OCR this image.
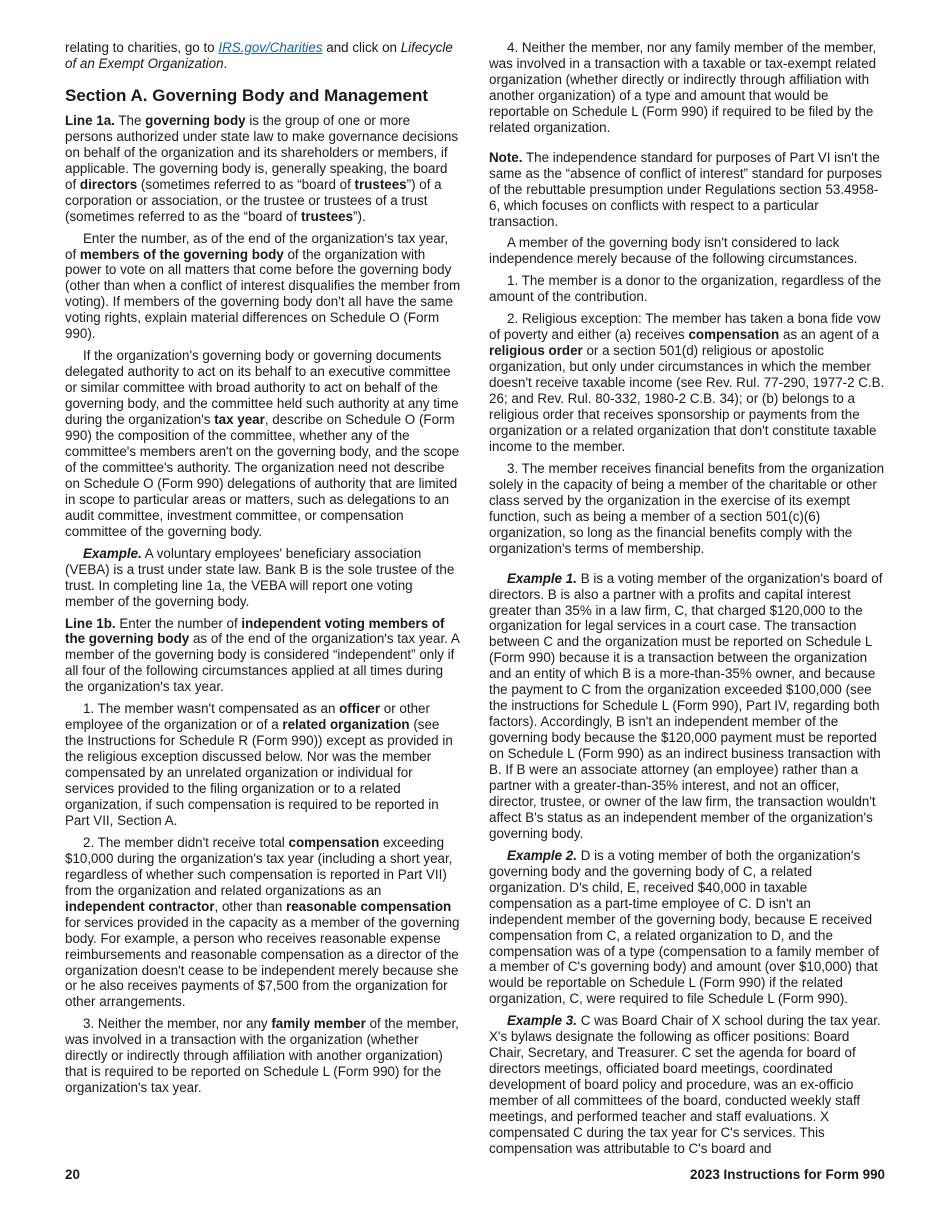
relating to charities, go to IRS.gov/Charities and click on Lifecycle of an Exempt Organization.

Section A. Governing Body and Management

Line 1a. The governing body is the group of one or more persons authorized under state law to make governance decisions on behalf of the organization and its shareholders or members, if applicable. The governing body is, generally speaking, the board of directors (sometimes referred to as “board of trustees”) of a corporation or association, or the trustee or trustees of a trust (sometimes referred to as the “board of trustees”).

Enter the number, as of the end of the organization's tax year, of members of the governing body of the organization with power to vote on all matters that come before the governing body (other than when a conflict of interest disqualifies the member from voting). If members of the governing body don't all have the same voting rights, explain material differences on Schedule O (Form 990).

If the organization's governing body or governing documents delegated authority to act on its behalf to an executive committee or similar committee with broad authority to act on behalf of the governing body, and the committee held such authority at any time during the organization's tax year, describe on Schedule O (Form 990) the composition of the committee, whether any of the committee's members aren't on the governing body, and the scope of the committee's authority. The organization need not describe on Schedule O (Form 990) delegations of authority that are limited in scope to particular areas or matters, such as delegations to an audit committee, investment committee, or compensation committee of the governing body.

Example. A voluntary employees' beneficiary association (VEBA) is a trust under state law. Bank B is the sole trustee of the trust. In completing line 1a, the VEBA will report one voting member of the governing body.

Line 1b. Enter the number of independent voting members of the governing body as of the end of the organization's tax year. A member of the governing body is considered “independent” only if all four of the following circumstances applied at all times during the organization's tax year.

1. The member wasn't compensated as an officer or other employee of the organization or of a related organization (see the Instructions for Schedule R (Form 990)) except as provided in the religious exception discussed below. Nor was the member compensated by an unrelated organization or individual for services provided to the filing organization or to a related organization, if such compensation is required to be reported in Part VII, Section A.

2. The member didn't receive total compensation exceeding $10,000 during the organization's tax year (including a short year, regardless of whether such compensation is reported in Part VII) from the organization and related organizations as an independent contractor, other than reasonable compensation for services provided in the capacity as a member of the governing body. For example, a person who receives reasonable expense reimbursements and reasonable compensation as a director of the organization doesn't cease to be independent merely because she or he also receives payments of $7,500 from the organization for other arrangements.

3. Neither the member, nor any family member of the member, was involved in a transaction with the organization (whether directly or indirectly through affiliation with another organization) that is required to be reported on Schedule L (Form 990) for the organization's tax year.

4. Neither the member, nor any family member of the member, was involved in a transaction with a taxable or tax-exempt related organization (whether directly or indirectly through affiliation with another organization) of a type and amount that would be reportable on Schedule L (Form 990) if required to be filed by the related organization.

Note. The independence standard for purposes of Part VI isn't the same as the “absence of conflict of interest” standard for purposes of the rebuttable presumption under Regulations section 53.4958-6, which focuses on conflicts with respect to a particular transaction.

A member of the governing body isn't considered to lack independence merely because of the following circumstances.

1. The member is a donor to the organization, regardless of the amount of the contribution.

2. Religious exception: The member has taken a bona fide vow of poverty and either (a) receives compensation as an agent of a religious order or a section 501(d) religious or apostolic organization, but only under circumstances in which the member doesn't receive taxable income (see Rev. Rul. 77-290, 1977-2 C.B. 26; and Rev. Rul. 80-332, 1980-2 C.B. 34); or (b) belongs to a religious order that receives sponsorship or payments from the organization or a related organization that don't constitute taxable income to the member.

3. The member receives financial benefits from the organization solely in the capacity of being a member of the charitable or other class served by the organization in the exercise of its exempt function, such as being a member of a section 501(c)(6) organization, so long as the financial benefits comply with the organization's terms of membership.

Example 1. B is a voting member of the organization's board of directors. B is also a partner with a profits and capital interest greater than 35% in a law firm, C, that charged $120,000 to the organization for legal services in a court case. The transaction between C and the organization must be reported on Schedule L (Form 990) because it is a transaction between the organization and an entity of which B is a more-than-35% owner, and because the payment to C from the organization exceeded $100,000 (see the instructions for Schedule L (Form 990), Part IV, regarding both factors). Accordingly, B isn't an independent member of the governing body because the $120,000 payment must be reported on Schedule L (Form 990) as an indirect business transaction with B. If B were an associate attorney (an employee) rather than a partner with a greater-than-35% interest, and not an officer, director, trustee, or owner of the law firm, the transaction wouldn't affect B's status as an independent member of the organization's governing body.

Example 2. D is a voting member of both the organization's governing body and the governing body of C, a related organization. D's child, E, received $40,000 in taxable compensation as a part-time employee of C. D isn't an independent member of the governing body, because E received compensation from C, a related organization to D, and the compensation was of a type (compensation to a family member of a member of C's governing body) and amount (over $10,000) that would be reportable on Schedule L (Form 990) if the related organization, C, were required to file Schedule L (Form 990).

Example 3. C was Board Chair of X school during the tax year. X's bylaws designate the following as officer positions: Board Chair, Secretary, and Treasurer. C set the agenda for board of directors meetings, officiated board meetings, coordinated development of board policy and procedure, was an ex-officio member of all committees of the board, conducted weekly staff meetings, and performed teacher and staff evaluations. X compensated C during the tax year for C's services. This compensation was attributable to C's board and

20	2023 Instructions for Form 990
